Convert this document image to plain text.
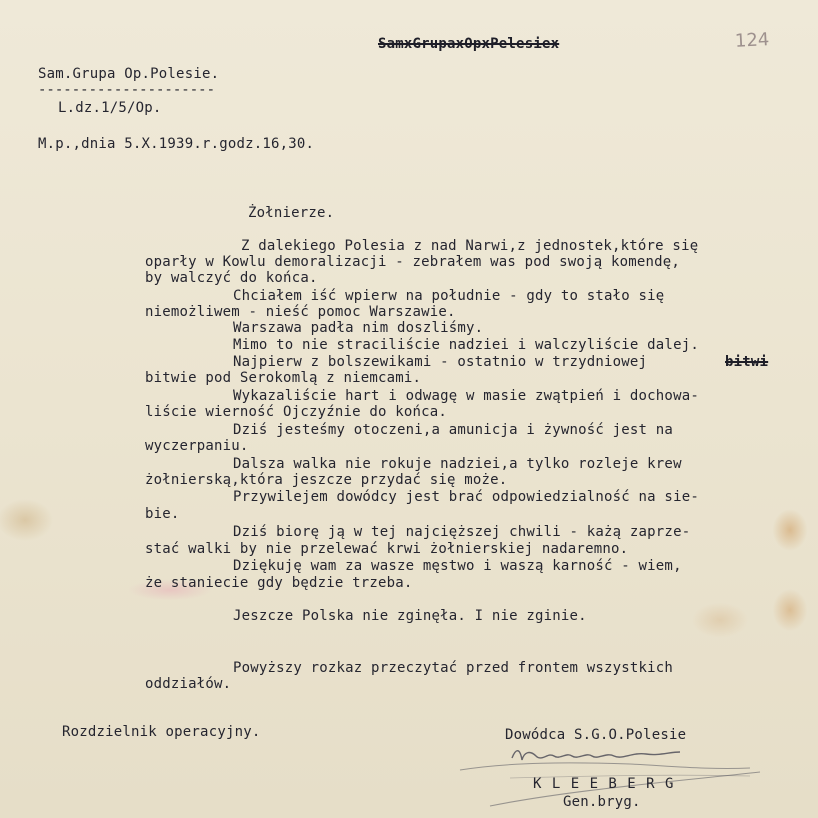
SamxGrupaxOpxPelesiex	124
Sam.Grupa Op.Polesie.
---------------------
L.dz.1/5/Op.
M.p.,dnia 5.X.1939.r.godz.16,30.
Żołnierze.
Z dalekiego Polesia z nad Narwi,z jednostek,które się
oparły w Kowlu demoralizacji - zebrałem was pod swoją komendę,
by walczyć do końca.
Chciałem iść wpierw na południe - gdy to stało się
niemożliwem - nieść pomoc Warszawie.
Warszawa padła nim doszliśmy.
Mimo to nie straciliście nadziei i walczyliście dalej.
Najpierw z bolszewikami - ostatnio w trzydniowej	bitwi
bitwie pod Serokomlą z niemcami.
Wykazaliście hart i odwagę w masie zwątpień i dochowa-
liście wierność Ojczyźnie do końca.
Dziś jesteśmy otoczeni,a amunicja i żywność jest na
wyczerpaniu.
Dalsza walka nie rokuje nadziei,a tylko rozleje krew
żołnierską,która jeszcze przydać się może.
Przywilejem dowódcy jest brać odpowiedzialność na sie-
bie.
Dziś biorę ją w tej najcięższej chwili - każą zaprze-
stać walki by nie przelewać krwi żołnierskiej nadaremno.
Dziękuję wam za wasze męstwo i waszą karność - wiem,
że staniecie gdy będzie trzeba.
Jeszcze Polska nie zginęła. I nie zginie.
Powyższy rozkaz przeczytać przed frontem wszystkich
oddziałów.
Rozdzielnik operacyjny.	Dowódca S.G.O.Polesie
K L E E B E R G
Gen.bryg.
